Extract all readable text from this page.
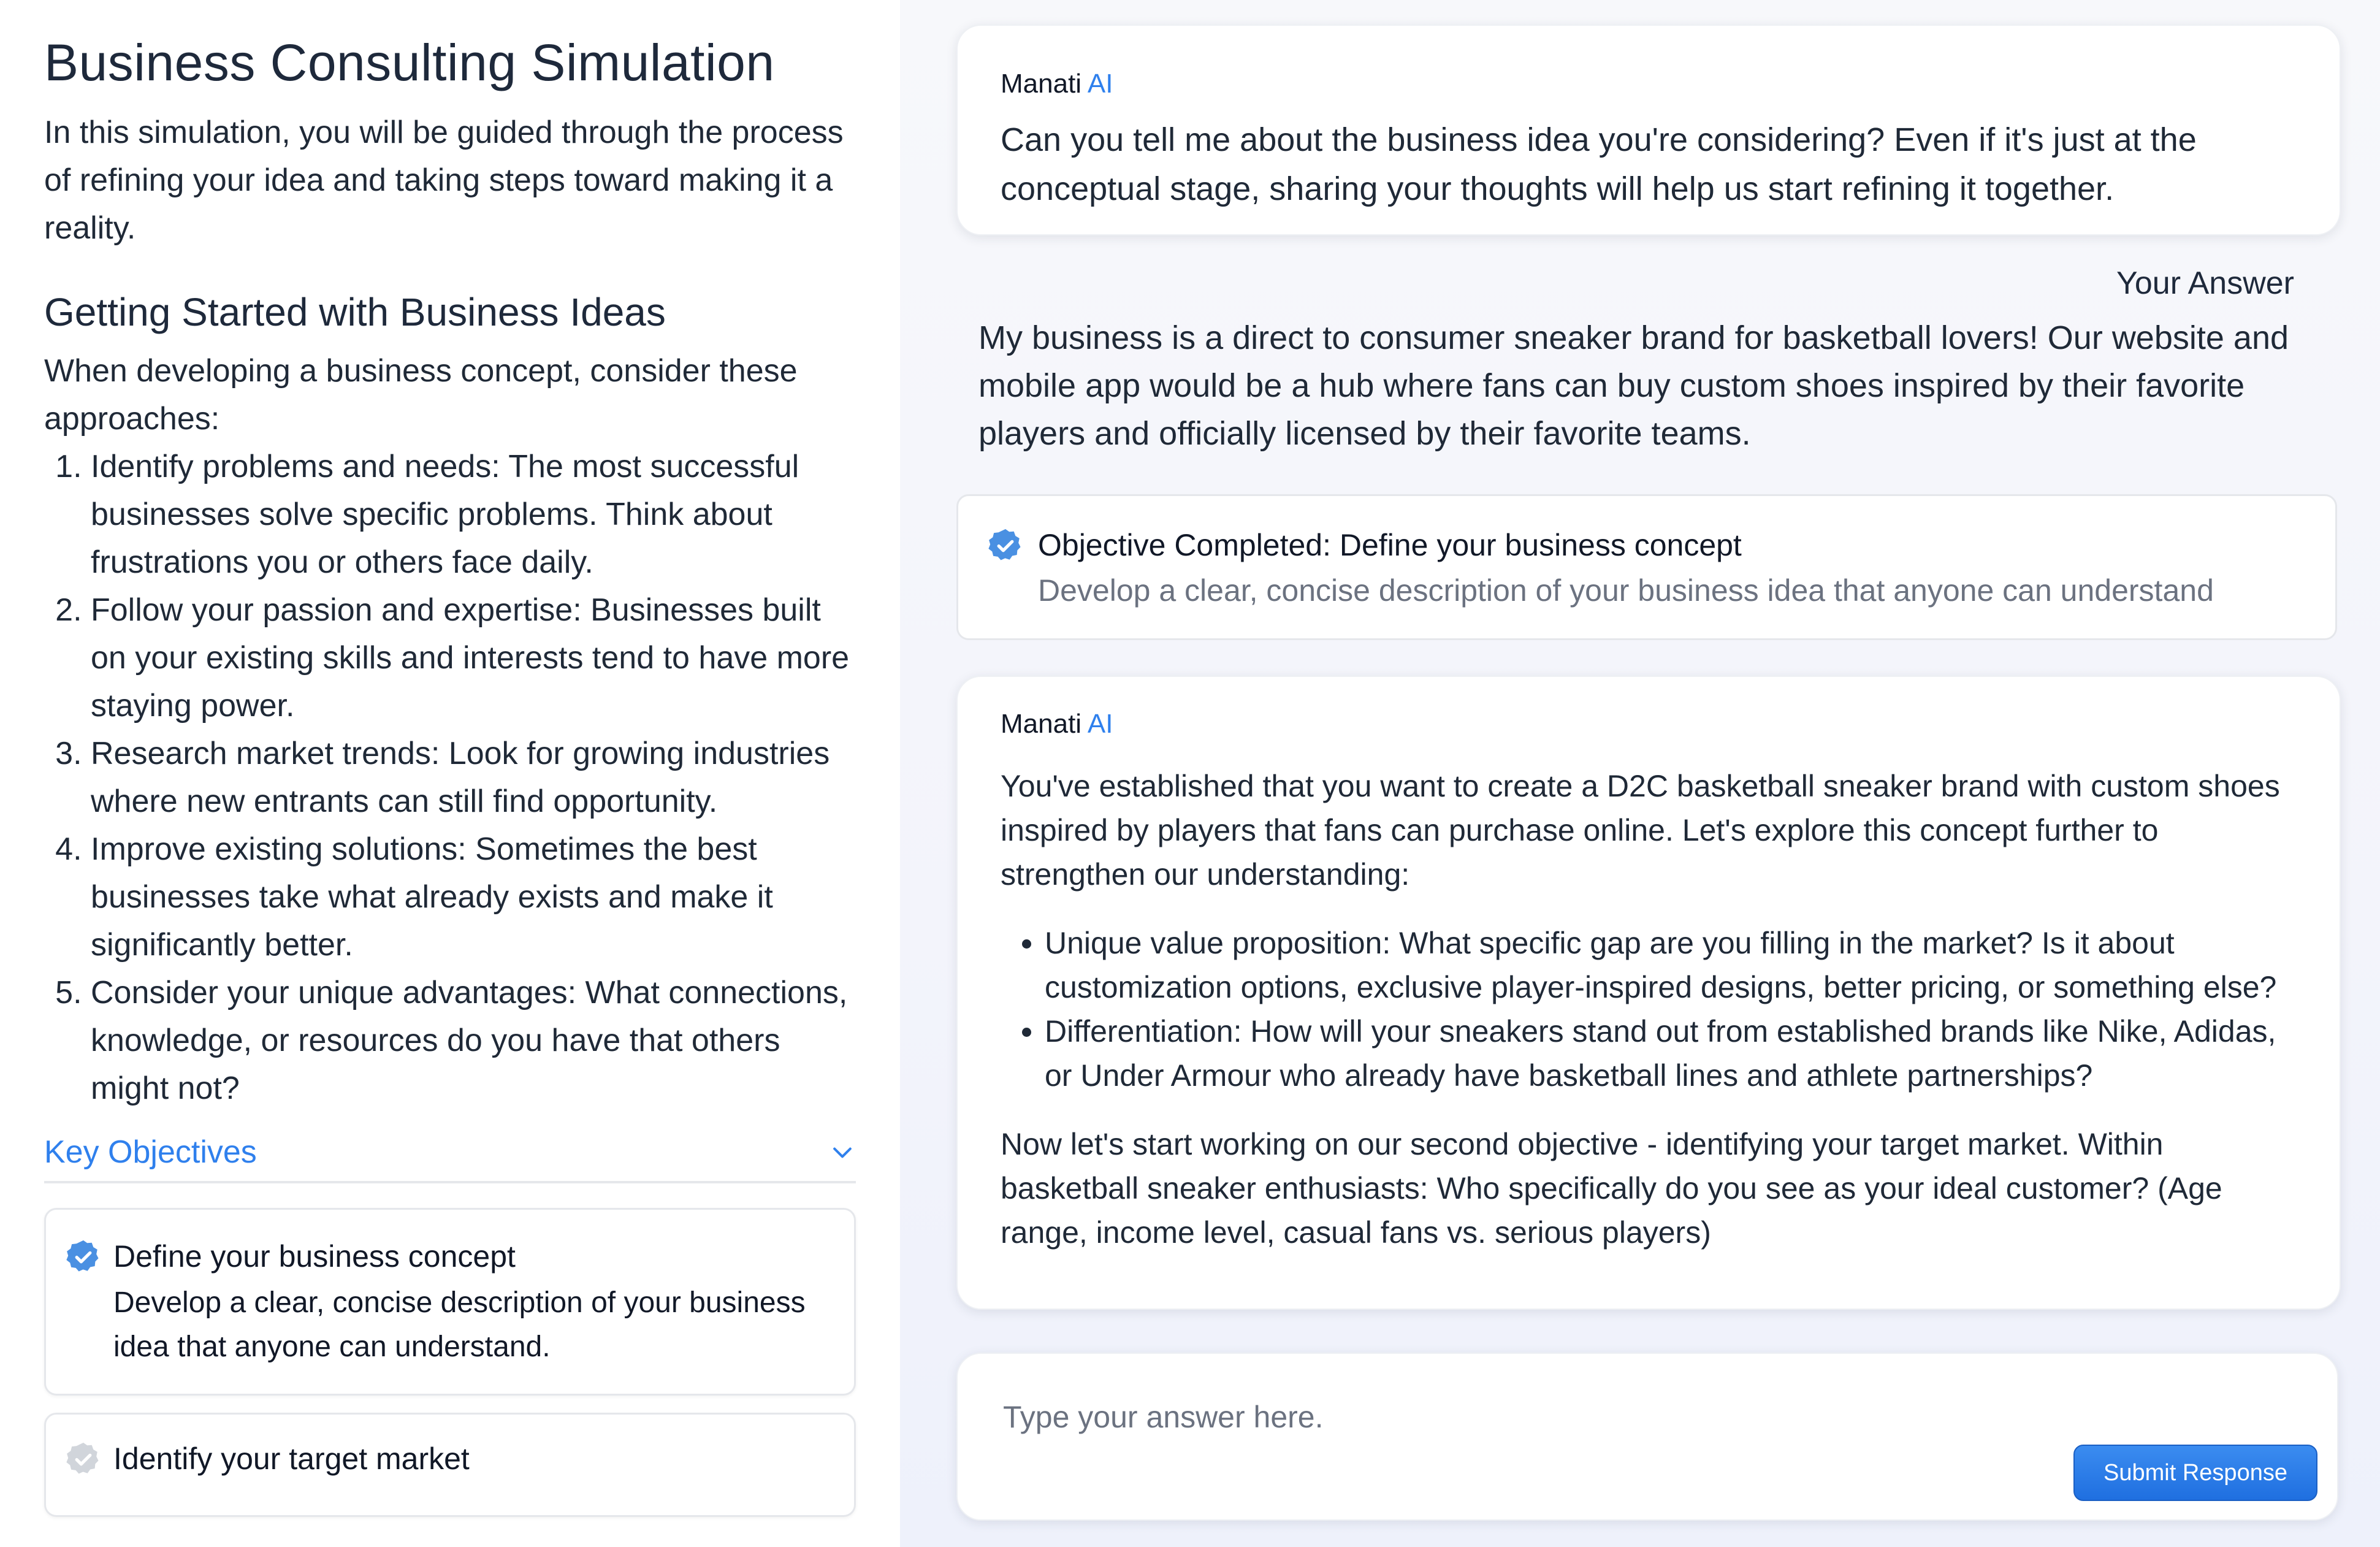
Business Consulting Simulation

In this simulation, you will be guided through the process of refining your idea and taking steps toward making it a reality.

Getting Started with Business Ideas

When developing a business concept, consider these approaches:

1. Identify problems and needs: The most successful businesses solve specific problems. Think about frustrations you or others face daily.
2. Follow your passion and expertise: Businesses built on your existing skills and interests tend to have more staying power.
3. Research market trends: Look for growing industries where new entrants can still find opportunity.
4. Improve existing solutions: Sometimes the best businesses take what already exists and make it significantly better.
5. Consider your unique advantages: What connections, knowledge, or resources do you have that others might not?
Key Objectives
Define your business concept
Develop a clear, concise description of your business idea that anyone can understand.
Identify your target market
Manati AI
Can you tell me about the business idea you're considering? Even if it's just at the conceptual stage, sharing your thoughts will help us start refining it together.
Your Answer
My business is a direct to consumer sneaker brand for basketball lovers! Our website and mobile app would be a hub where fans can buy custom shoes inspired by their favorite players and officially licensed by their favorite teams.
Objective Completed: Define your business concept
Develop a clear, concise description of your business idea that anyone can understand
Manati AI

You've established that you want to create a D2C basketball sneaker brand with custom shoes inspired by players that fans can purchase online. Let's explore this concept further to strengthen our understanding:

• Unique value proposition: What specific gap are you filling in the market? Is it about customization options, exclusive player-inspired designs, better pricing, or something else?
• Differentiation: How will your sneakers stand out from established brands like Nike, Adidas, or Under Armour who already have basketball lines and athlete partnerships?

Now let's start working on our second objective - identifying your target market. Within basketball sneaker enthusiasts: Who specifically do you see as your ideal customer? (Age range, income level, casual fans vs. serious players)

Type your answer here.
Submit Response
